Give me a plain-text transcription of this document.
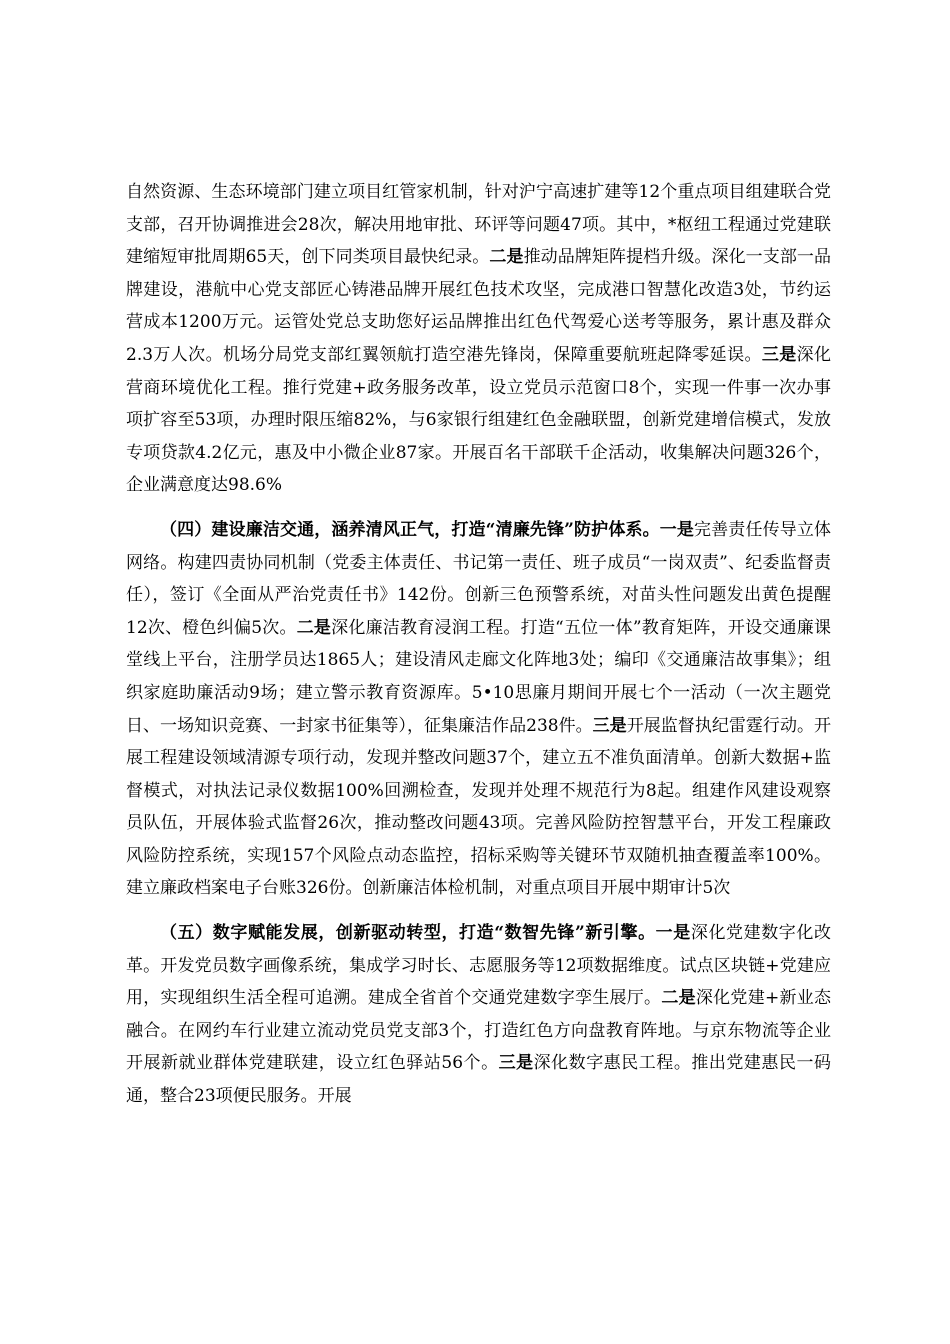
自然资源、生态环境部门建立项目红管家机制，针对沪宁高速扩建等12个重点项目组建联合党支部，召开协调推进会28次，解决用地审批、环评等问题47项。其中，*枢纽工程通过党建联建缩短审批周期65天，创下同类项目最快纪录。二是推动品牌矩阵提档升级。深化一支部一品牌建设，港航中心党支部匠心铸港品牌开展红色技术攻坚，完成港口智慧化改造3处，节约运营成本1200万元。运管处党总支助您好运品牌推出红色代驾爱心送考等服务，累计惠及群众2.3万人次。机场分局党支部红翼领航打造空港先锋岗，保障重要航班起降零延误。三是深化营商环境优化工程。推行党建+政务服务改革，设立党员示范窗口8个，实现一件事一次办事项扩容至53项，办理时限压缩82%，与6家银行组建红色金融联盟，创新党建增信模式，发放专项贷款4.2亿元，惠及中小微企业87家。开展百名干部联千企活动，收集解决问题326个，企业满意度达98.6%

（四）建设廉洁交通，涵养清风正气，打造“清廉先锋”防护体系。一是完善责任传导立体网络。构建四责协同机制（党委主体责任、书记第一责任、班子成员“一岗双责”、纪委监督责任），签订《全面从严治党责任书》142份。创新三色预警系统，对苗头性问题发出黄色提醒12次、橙色纠偏5次。二是深化廉洁教育浸润工程。打造“五位一体”教育矩阵，开设交通廉课堂线上平台，注册学员达1865人；建设清风走廊文化阵地3处；编印《交通廉洁故事集》；组织家庭助廉活动9场；建立警示教育资源库。5•10思廉月期间开展七个一活动（一次主题党日、一场知识竞赛、一封家书征集等），征集廉洁作品238件。三是开展监督执纪雷霆行动。开展工程建设领域清源专项行动，发现并整改问题37个，建立五不准负面清单。创新大数据+监督模式，对执法记录仪数据100%回溯检查，发现并处理不规范行为8起。组建作风建设观察员队伍，开展体验式监督26次，推动整改问题43项。完善风险防控智慧平台，开发工程廉政风险防控系统，实现157个风险点动态监控，招标采购等关键环节双随机抽查覆盖率100%。建立廉政档案电子台账326份。创新廉洁体检机制，对重点项目开展中期审计5次

（五）数字赋能发展，创新驱动转型，打造“数智先锋”新引擎。一是深化党建数字化改革。开发党员数字画像系统，集成学习时长、志愿服务等12项数据维度。试点区块链+党建应用，实现组织生活全程可追溯。建成全省首个交通党建数字孪生展厅。二是深化党建+新业态融合。在网约车行业建立流动党员党支部3个，打造红色方向盘教育阵地。与京东物流等企业开展新就业群体党建联建，设立红色驿站56个。三是深化数字惠民工程。推出党建惠民一码通，整合23项便民服务。开展
